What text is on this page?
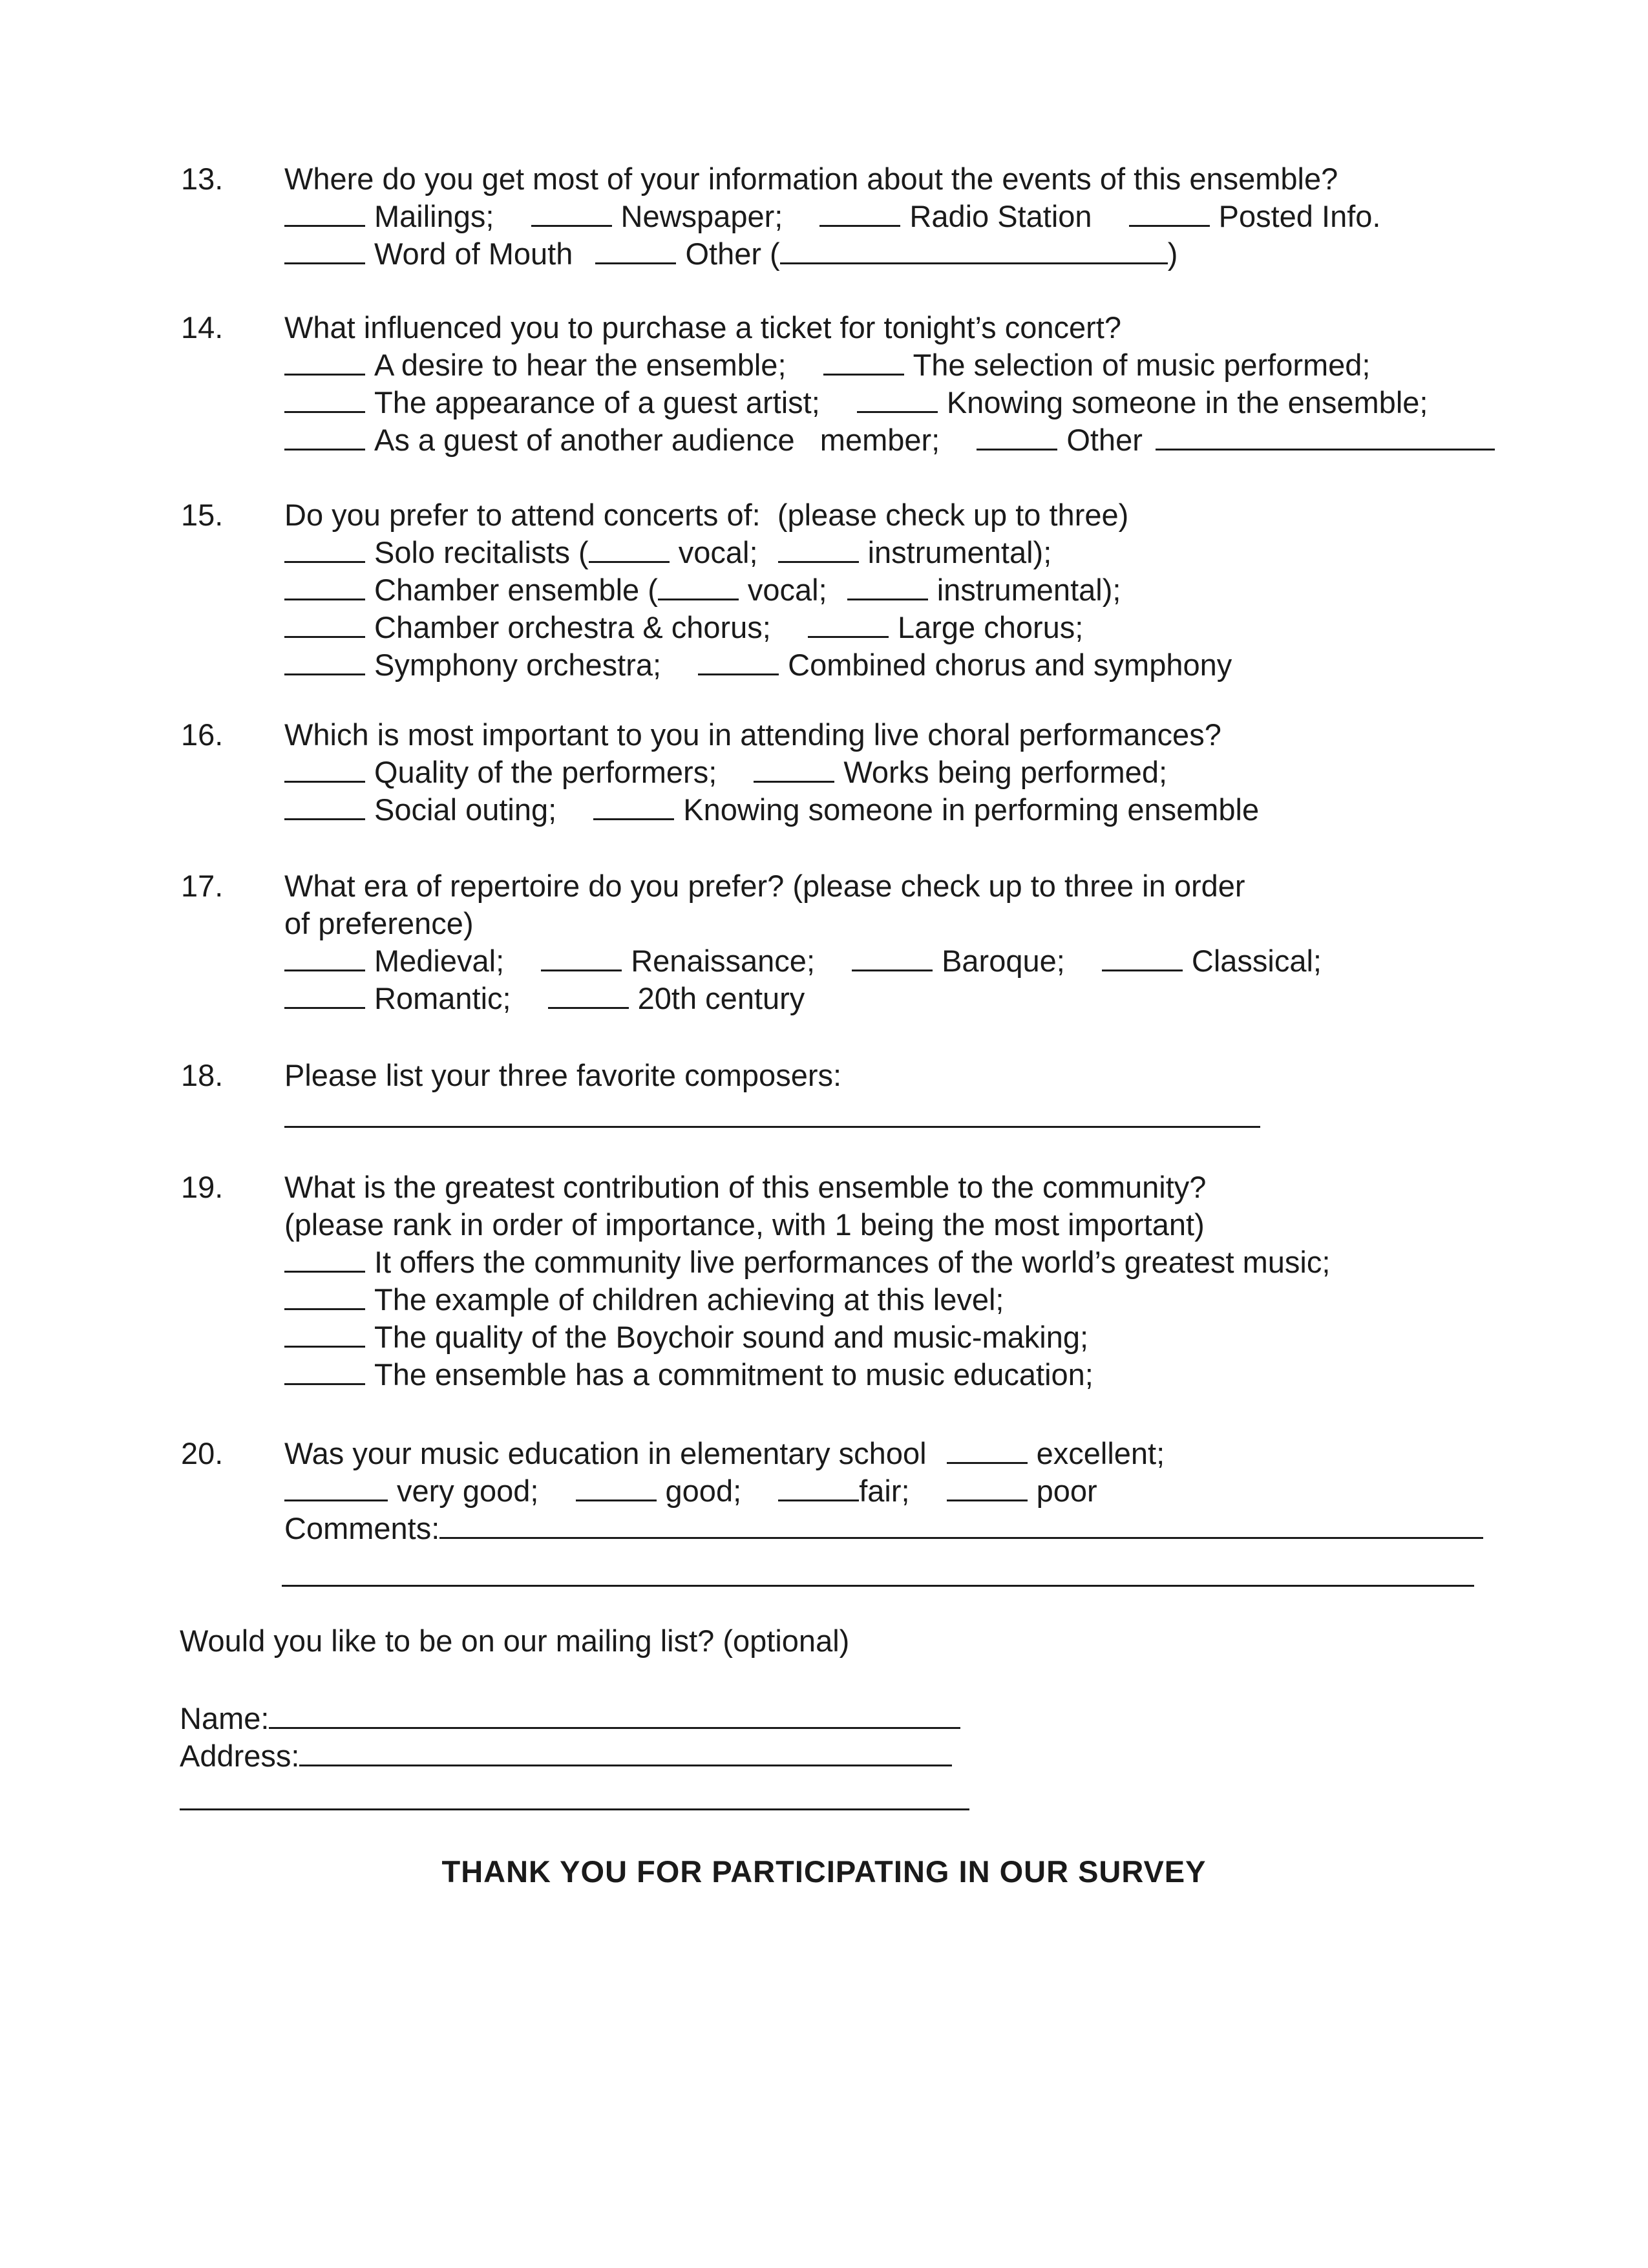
13.	Where do you get most of your information about the events of this ensemble?
Mailings;	Newspaper;	Radio Station	Posted Info.
Word of Mouth	Other (	)
14.	What influenced you to purchase a ticket for tonight’s concert?
A desire to hear the ensemble;	The selection of music performed;
The appearance of a guest artist;	Knowing someone in the ensemble;
As a guest of another audience   member;	Other
15.	Do you prefer to attend concerts of:  (please check up to three)
Solo recitalists (	vocal;	instrumental);
Chamber ensemble (	vocal;	instrumental);
Chamber orchestra & chorus;	Large chorus;
Symphony orchestra;	Combined chorus and symphony
16.	Which is most important to you in attending live choral performances?
Quality of the performers;	Works being performed;
Social outing;	Knowing someone in performing ensemble
17.	What era of repertoire do you prefer? (please check up to three in order
of preference)
Medieval;	Renaissance;	Baroque;	Classical;
Romantic;	20th century
18.	Please list your three favorite composers:
19.	What is the greatest contribution of this ensemble to the community?
(please rank in order of importance, with 1 being the most important)
It offers the community live performances of the world’s greatest music;
The example of children achieving at this level;
The quality of the Boychoir sound and music-making;
The ensemble has a commitment to music education;
20.	Was your music education in elementary school	excellent;
very good;	good;	fair;	poor
Comments:
Would you like to be on our mailing list? (optional)
Name:
Address:
THANK YOU FOR PARTICIPATING IN OUR SURVEY
